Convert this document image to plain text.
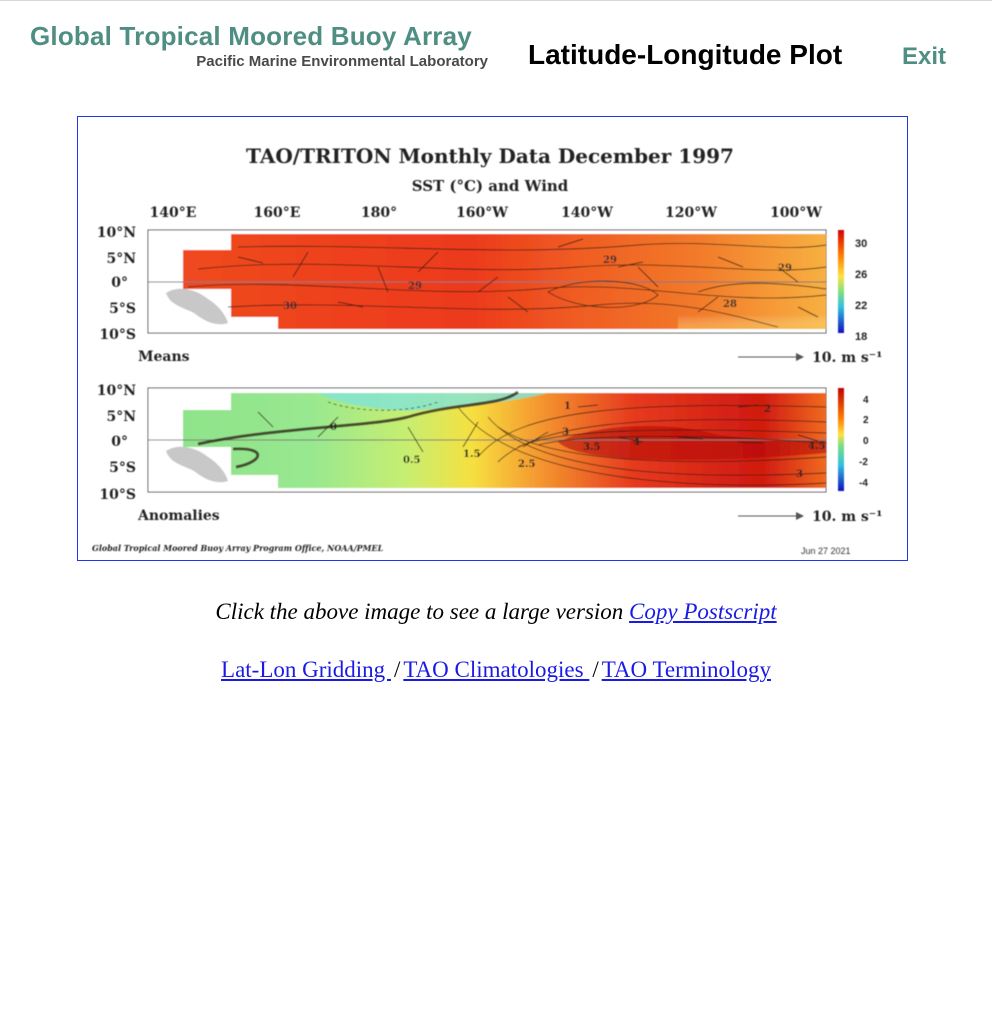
Global Tropical Moored Buoy Array
Pacific Marine Environmental Laboratory Latitude-Longitude Plot Exit
TAO/TRITON Monthly Data December 1997
SST (°C) and Wind
140°E	160°E	180°	160°W	140°W	120°W	100°W
29
29
30
29
28
10°N
5°N
0°
5°S
10°S
Means
30
26
22
18
10. m s⁻¹
0
1	2
3
3.5	4	4.5
0.5
1.5
2.5
3
10°N
5°N
0°
5°S
10°S
Anomalies
4
2
0
-2
-4
10. m s⁻¹
Global Tropical Moored Buoy Array Program Office, NOAA/PMEL	Jun 27 2021
Click the above image to see a large version Copy Postscript
Lat-Lon Gridding / TAO Climatologies / TAO Terminology
